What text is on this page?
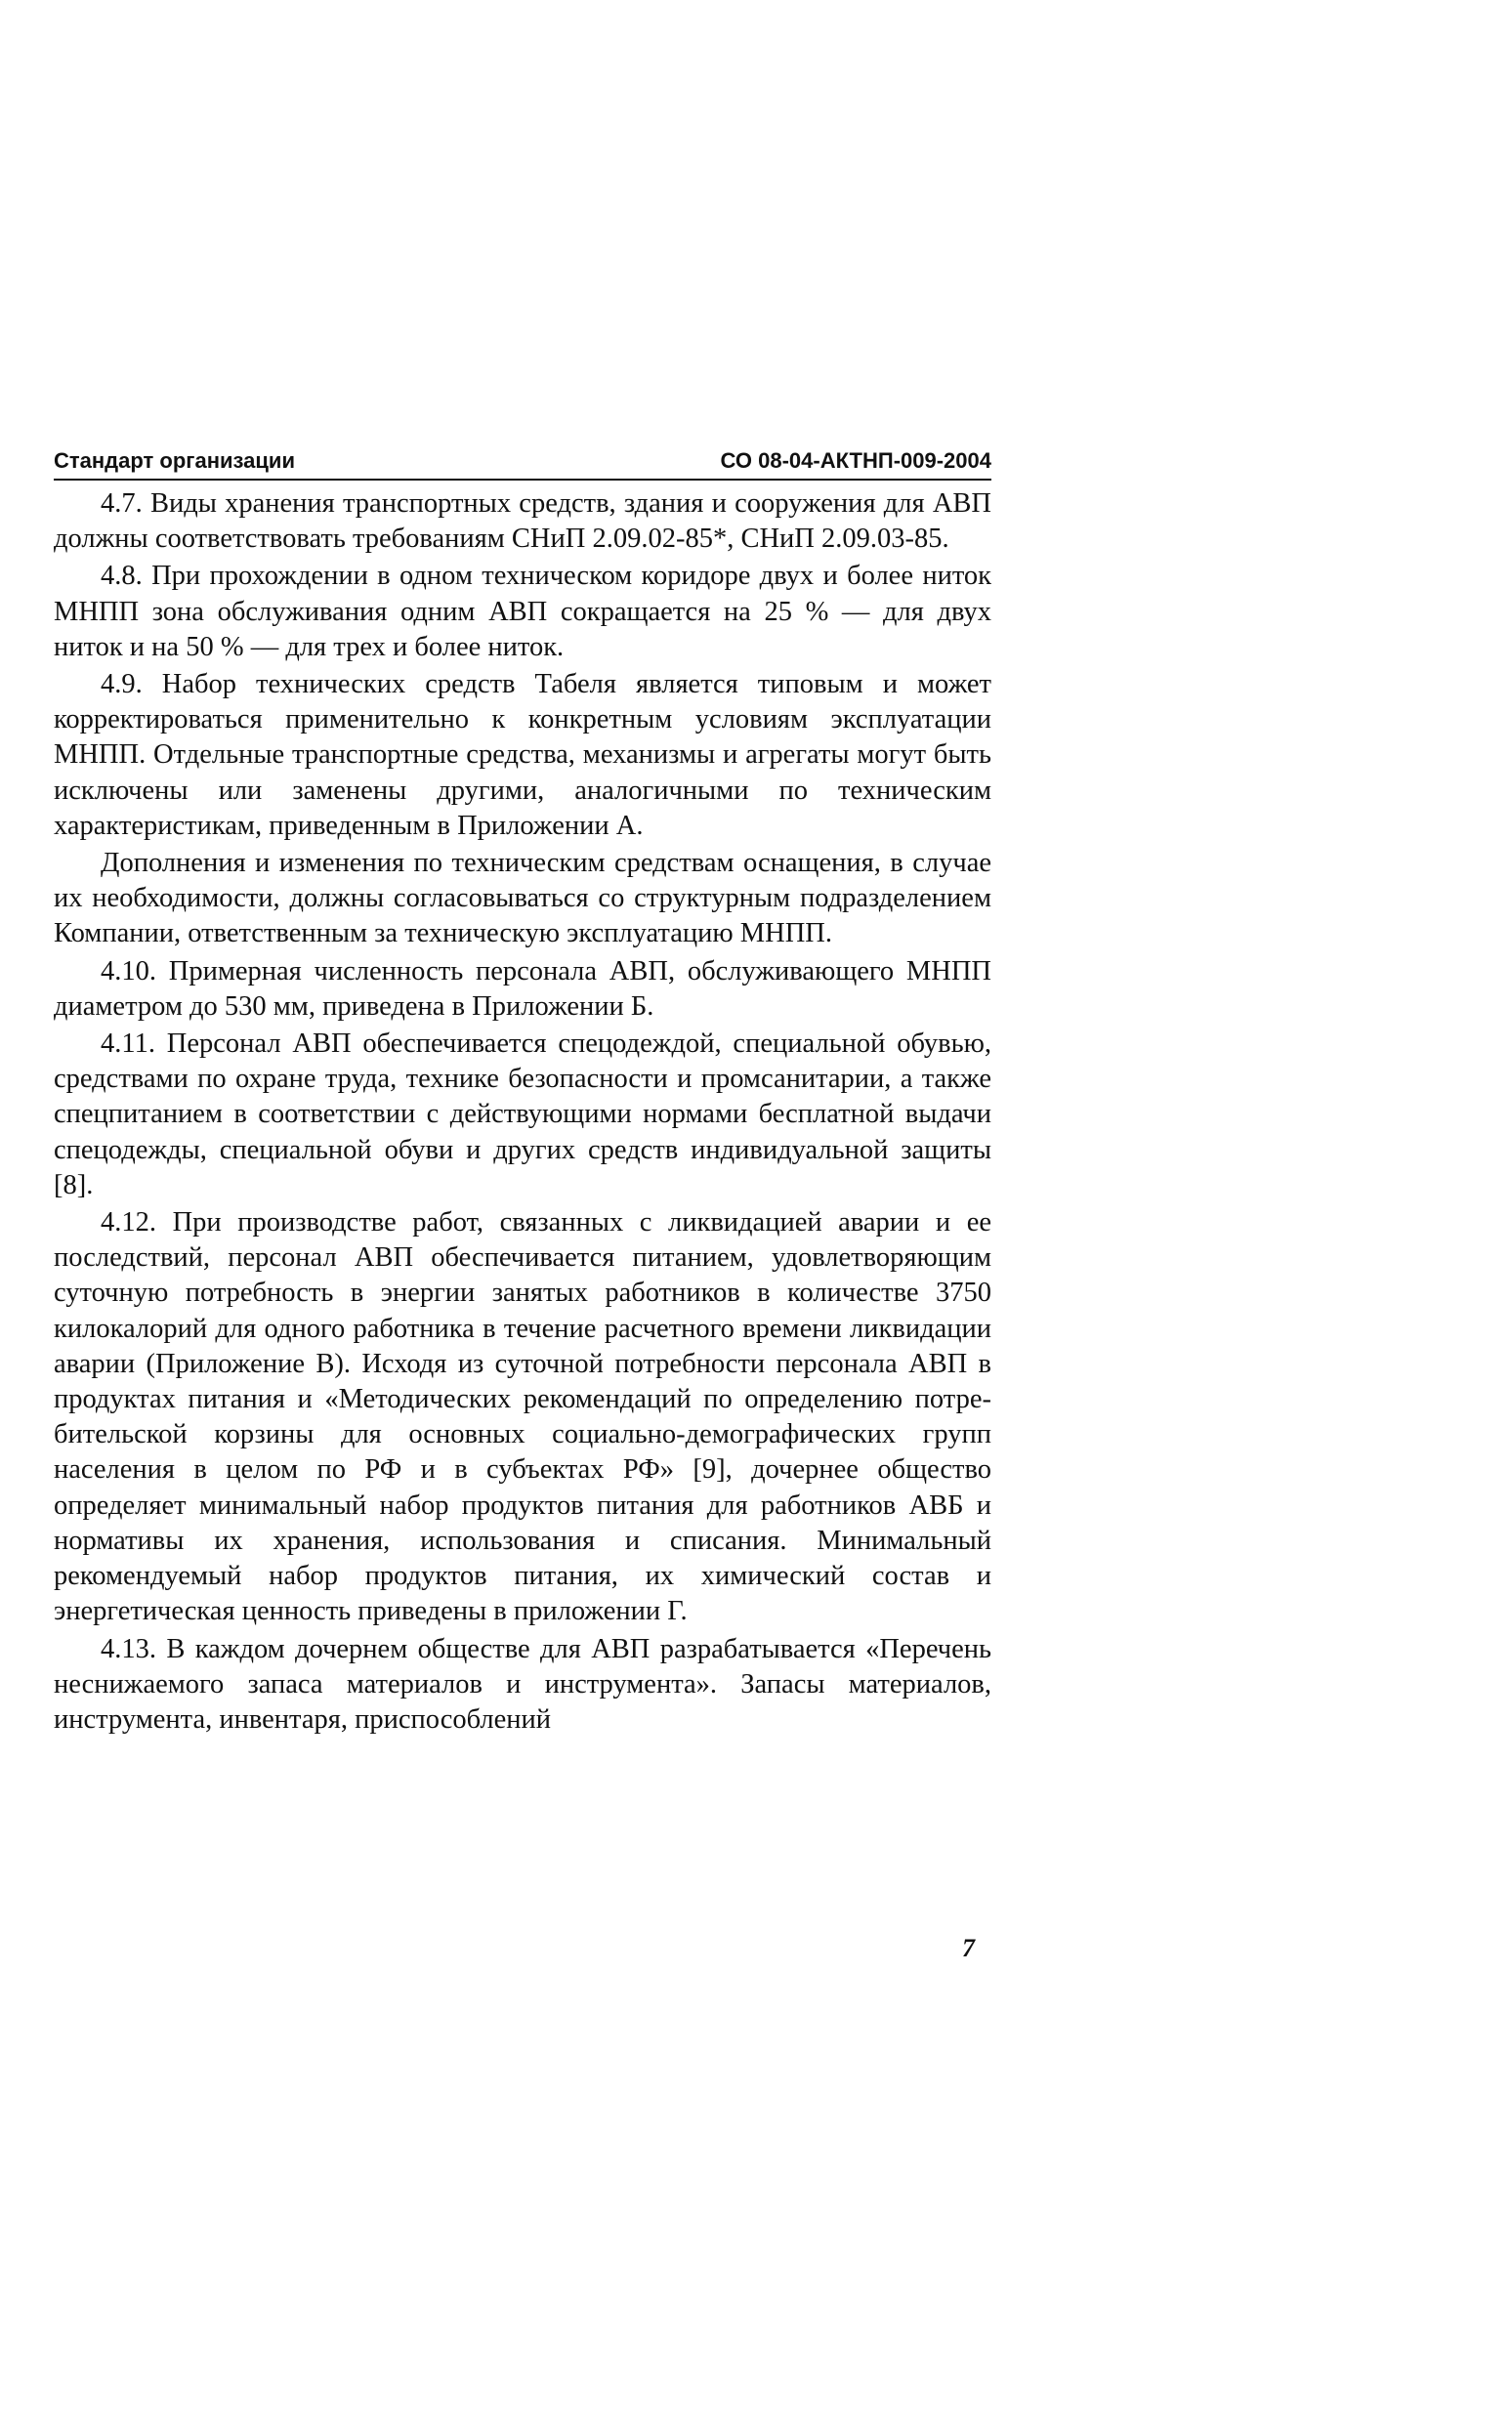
Стандарт организации	СО 08-04-АКТНП-009-2004

4.7. Виды хранения транспортных средств, здания и сооружения для АВП должны соответствовать требованиям СНиП 2.09.02-85*, СНиП 2.09.03-85.

4.8. При прохождении в одном техническом коридоре двух и более ниток МНПП зона обслуживания одним АВП сокращается на 25 % — для двух ниток и на 50 % — для трех и более ниток.

4.9. Набор технических средств Табеля является типовым и может корректироваться применительно к конкретным условиям эксплуатации МНПП. Отдельные транспортные средства, механизмы и агрегаты могут быть исключены или заменены другими, аналогичными по техническим характеристикам, приведенным в Приложении А.

Дополнения и изменения по техническим средствам оснащения, в случае их необходимости, должны согласовываться со структурным подразделением Компании, ответственным за техническую эксплуатацию МНПП.

4.10. Примерная численность персонала АВП, обслуживающего МНПП диаметром до 530 мм, приведена в Приложении Б.

4.11. Персонал АВП обеспечивается спецодеждой, специальной обувью, средствами по охране труда, технике безопасности и промсанитарии, а также спецпитанием в соответствии с действующими нормами бесплатной выдачи спецодежды, специальной обуви и других средств индивидуальной защиты [8].

4.12. При производстве работ, связанных с ликвидацией аварии и ее последствий, персонал АВП обеспечивается питанием, удовлетворяющим суточную потребность в энергии занятых работников в количестве 3750 килокалорий для одного работника в течение расчетного времени ликвидации аварии (Приложение В). Исходя из суточной потребности персонала АВП в продуктах питания и «Методических рекомендаций по определению потребительской корзины для основных социально-демографических групп населения в целом по РФ и в субъектах РФ» [9], дочернее общество определяет минимальный набор продуктов питания для работников АВБ и нормативы их хранения, использования и списания. Минимальный рекомендуемый набор продуктов питания, их химический состав и энергетическая ценность приведены в приложении Г.

4.13. В каждом дочернем обществе для АВП разрабатывается «Перечень неснижаемого запаса материалов и инструмента». Запасы материалов, инструмента, инвентаря, приспособлений

7
